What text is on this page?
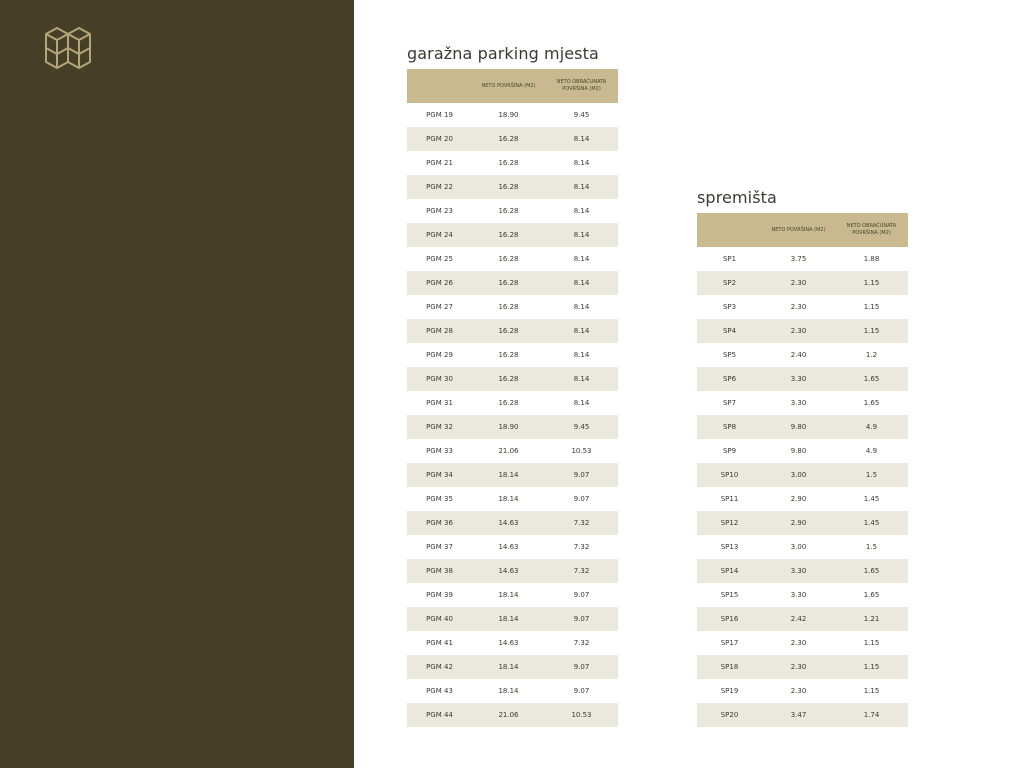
garažna parking mjesta
	NETO POVRŠINA (M2)	NETO OBRAČUNATA POVRŠINA (M2)
PGM 19	18.90	9.45
PGM 20	16.28	8.14
PGM 21	16.28	8.14
PGM 22	16.28	8.14
PGM 23	16.28	8.14
PGM 24	16.28	8.14
PGM 25	16.28	8.14
PGM 26	16.28	8.14
PGM 27	16.28	8.14
PGM 28	16.28	8.14
PGM 29	16.28	8.14
PGM 30	16.28	8.14
PGM 31	16.28	8.14
PGM 32	18.90	9.45
PGM 33	21.06	10.53
PGM 34	18.14	9.07
PGM 35	18.14	9.07
PGM 36	14.63	7.32
PGM 37	14.63	7.32
PGM 38	14.63	7.32
PGM 39	18.14	9.07
PGM 40	18.14	9.07
PGM 41	14.63	7.32
PGM 42	18.14	9.07
PGM 43	18.14	9.07
PGM 44	21.06	10.53
spremišta
	NETO POVRŠINA (M2)	NETO OBRAČUNATA POVRŠINA (M2)
SP1	3.75	1.88
SP2	2.30	1.15
SP3	2.30	1.15
SP4	2.30	1.15
SP5	2.40	1.2
SP6	3.30	1.65
SP7	3.30	1.65
SP8	9.80	4.9
SP9	9.80	4.9
SP10	3.00	1.5
SP11	2.90	1.45
SP12	2.90	1.45
SP13	3.00	1.5
SP14	3.30	1.65
SP15	3.30	1.65
SP16	2.42	1.21
SP17	2.30	1.15
SP18	2.30	1.15
SP19	2.30	1.15
SP20	3.47	1.74
